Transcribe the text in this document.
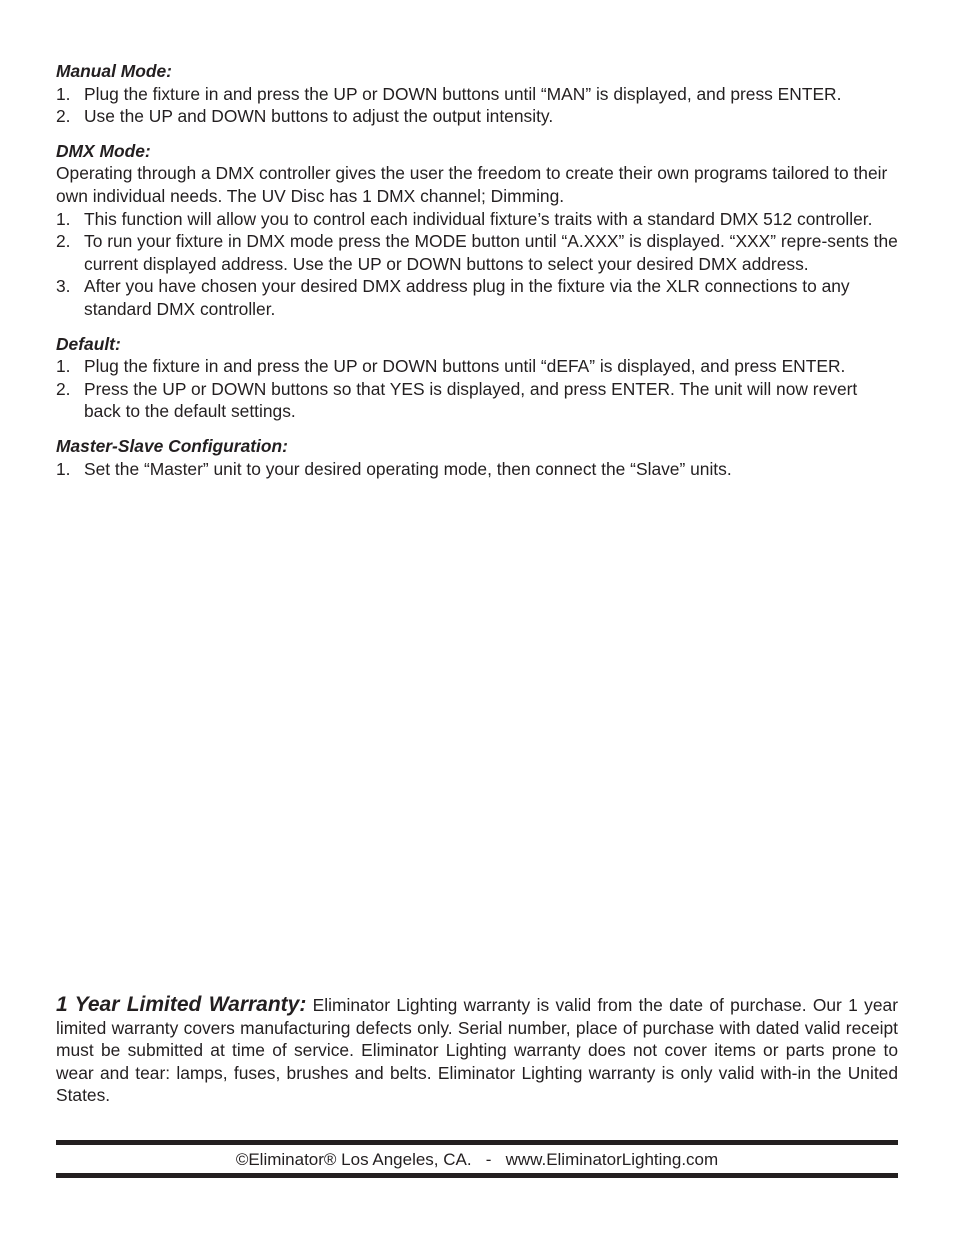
Manual Mode:

1. Plug the fixture in and press the UP or DOWN buttons until “MAN” is displayed, and press ENTER.
2. Use the UP and DOWN buttons to adjust the output intensity.

DMX Mode:

Operating through a DMX controller gives the user the freedom to create their own programs tailored to their own individual needs. The UV Disc has 1 DMX channel; Dimming.

1. This function will allow you to control each individual fixture’s traits with a standard DMX 512 controller.
2. To run your fixture in DMX mode press the MODE button until “A.XXX” is displayed. “XXX” repre-sents the current displayed address. Use the UP or DOWN buttons to select your desired DMX address.
3. After you have chosen your desired DMX address plug in the fixture via the XLR connections to any standard DMX controller.

Default:

1. Plug the fixture in and press the UP or DOWN buttons until “dEFA” is displayed, and press ENTER.
2. Press the UP or DOWN buttons so that YES is displayed, and press ENTER. The unit will now revert back to the default settings.

Master-Slave Configuration:

1. Set the “Master” unit to your desired operating mode, then connect the “Slave” units.

1 Year Limited Warranty: Eliminator Lighting warranty is valid from the date of purchase. Our 1 year limited warranty covers manufacturing defects only. Serial number, place of purchase with dated valid receipt must be submitted at time of service. Eliminator Lighting warranty does not cover items or parts prone to wear and tear: lamps, fuses, brushes and belts. Eliminator Lighting warranty is only valid with-in the United States.

©Eliminator® Los Angeles, CA.   -   www.EliminatorLighting.com
